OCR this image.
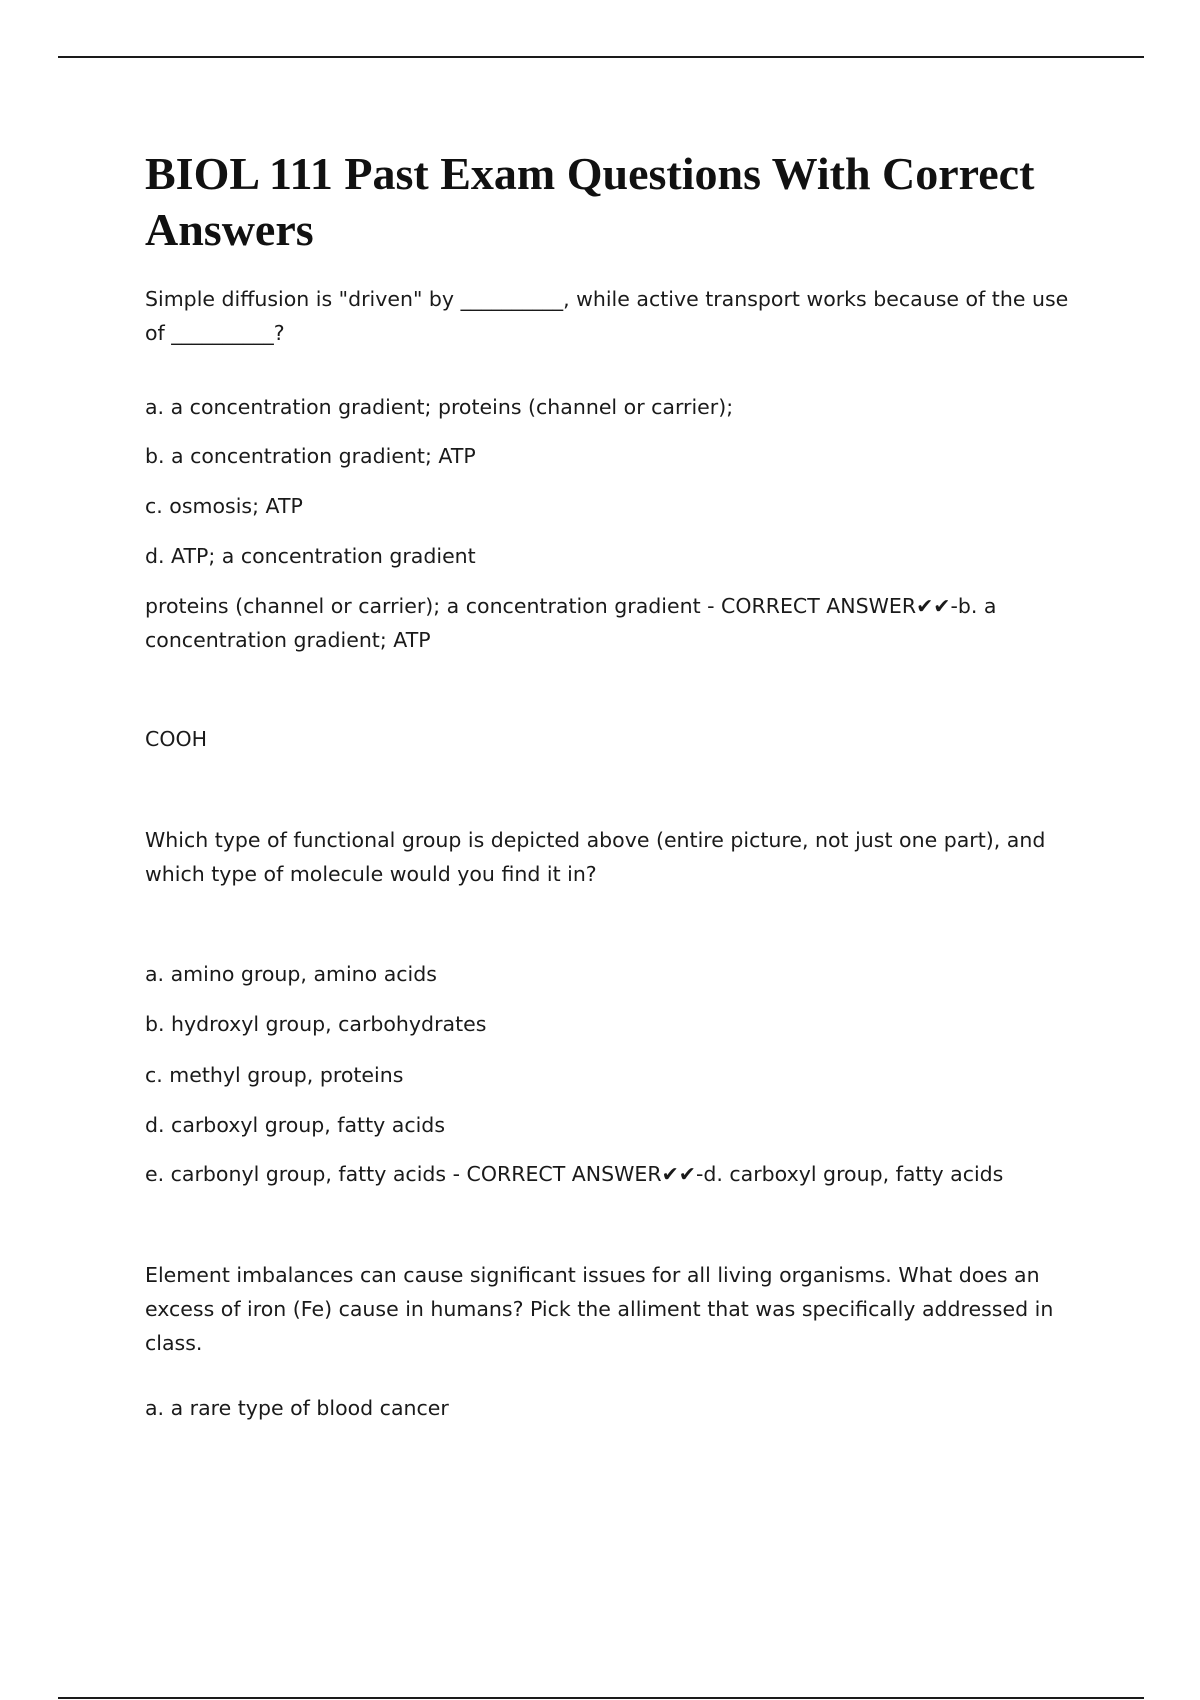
BIOL 111 Past Exam Questions With Correct Answers

Simple diffusion is "driven" by __________, while active transport works because of the use of __________?

a. a concentration gradient; proteins (channel or carrier);

b. a concentration gradient; ATP

c. osmosis; ATP

d. ATP; a concentration gradient

proteins (channel or carrier); a concentration gradient - CORRECT ANSWER✔✔-b. a concentration gradient; ATP

COOH

Which type of functional group is depicted above (entire picture, not just one part), and which type of molecule would you find it in?

a. amino group, amino acids

b. hydroxyl group, carbohydrates

c. methyl group, proteins

d. carboxyl group, fatty acids

e. carbonyl group, fatty acids - CORRECT ANSWER✔✔-d. carboxyl group, fatty acids

Element imbalances can cause significant issues for all living organisms. What does an excess of iron (Fe) cause in humans? Pick the alliment that was specifically addressed in class.

a. a rare type of blood cancer
